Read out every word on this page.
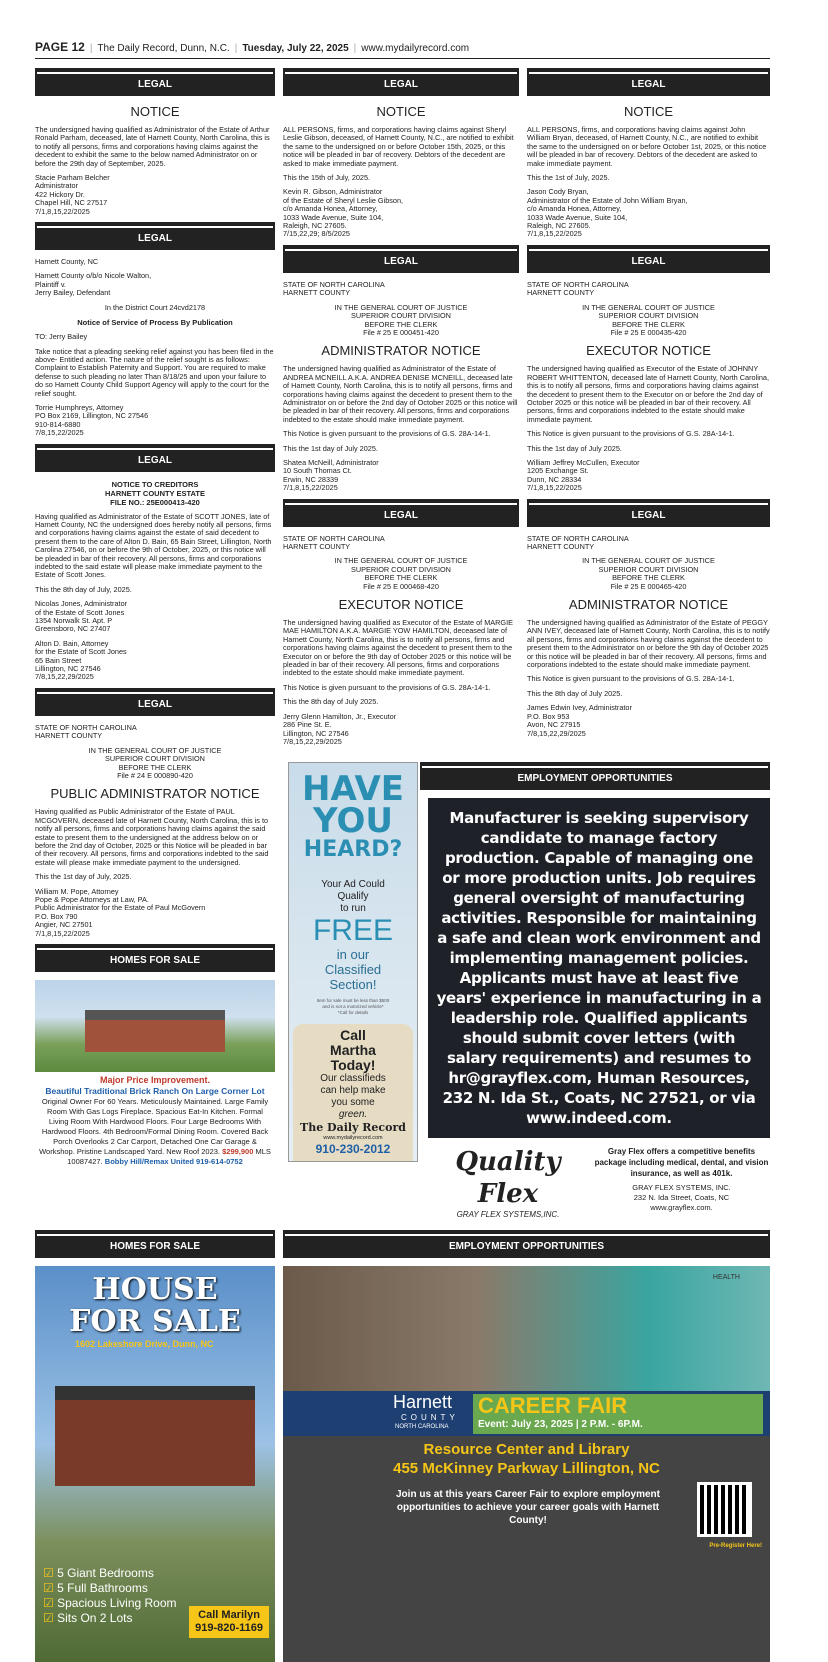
PAGE 12 | The Daily Record, Dunn, N.C. | Tuesday, July 22, 2025 | www.mydailyrecord.com
LEGAL
NOTICE

The undersigned having qualified as Administrator of the Estate of Arthur Ronald Parham, deceased, late of Harnett County, North Carolina, this is to notify all persons, firms and corporations having claims against the decedent to exhibit the same to the below named Administrator on or before the 29th day of September, 2025.

Stacie Parham Belcher
Administrator
422 Hickory Dr.
Chapel Hill, NC 27517
7/1,8,15,22/2025

LEGAL

Harnett County, NC

Harnett County o/b/o Nicole Walton,
Plaintiff v.
Jerry Bailey, Defendant

In the District Court 24cvd2178

Notice of Service of Process By Publication

TO: Jerry Bailey

Take notice that a pleading seeking relief against you has been filed in the above- Entitled action. The nature of the relief sought is as follows: Complaint to Establish Paternity and Support. You are required to make defense to such pleading no later Than 8/18/25 and upon your failure to do so Harnett County Child Support Agency will apply to the court for the relief sought.

Torrie Humphreys, Attorney
PO Box 2169, Lillington, NC 27546
910-814-6880
7/8,15,22/2025

LEGAL
NOTICE TO CREDITORS
HARNETT COUNTY ESTATE
FILE NO.: 25E000413-420

Having qualified as Administrator of the Estate of SCOTT JONES, late of Harnett County, NC the undersigned does hereby notify all persons, firms and corporations having claims against the estate of said decedent to present them to the care of Alton D. Bain, 65 Bain Street, Lillington, North Carolina 27546, on or before the 9th of October, 2025, or this notice will be pleaded in bar of their recovery. All persons, firms and corporations indebted to the said estate will please make immediate payment to the Estate of Scott Jones.

This the 8th day of July, 2025.

Nicolas Jones, Administrator
of the Estate of Scott Jones
1354 Norwalk St. Apt. P
Greensboro, NC 27407

Alton D. Bain, Attorney
for the Estate of Scott Jones
65 Bain Street
Lillington, NC 27546
7/8,15,22,29/2025

LEGAL

STATE OF NORTH CAROLINA
HARNETT COUNTY

IN THE GENERAL COURT OF JUSTICE
SUPERIOR COURT DIVISION
BEFORE THE CLERK
File # 24 E 000890-420

PUBLIC ADMINISTRATOR NOTICE

Having qualified as Public Administrator of the Estate of PAUL MCGOVERN, deceased late of Harnett County, North Carolina, this is to notify all persons, firms and corporations having claims against the said estate to present them to the undersigned at the address below on or before the 2nd day of October, 2025 or this Notice will be pleaded in bar of their recovery. All persons, firms and corporations indebted to the said estate will please make immediate payment to the undersigned.

This the 1st day of July, 2025.

William M. Pope, Attorney
Pope & Pope Attorneys at Law, PA.
Public Administrator for the Estate of Paul McGovern
P.O. Box 790
Angier, NC 27501
7/1,8,15,22/2025

HOMES FOR SALE
Major Price Improvement.
Beautiful Traditional Brick Ranch On Large Corner Lot
Original Owner For 60 Years. Meticulously Maintained. Large Family Room With Gas Logs Fireplace. Spacious Eat-In Kitchen. Formal Living Room With Hardwood Floors. Four Large Bedrooms With Hardwood Floors. 4th Bedroom/Formal Dining Room. Covered Back Porch Overlooks 2 Car Carport, Detached One Car Garage & Workshop. Pristine Landscaped Yard. New Roof 2023. $299,900 MLS 10087427. Bobby Hill/Remax United 919-614-0752
LEGAL
NOTICE

ALL PERSONS, firms, and corporations having claims against Sheryl Leslie Gibson, deceased, of Harnett County, N.C., are notified to exhibit the same to the undersigned on or before October 15th, 2025, or this notice will be pleaded in bar of recovery. Debtors of the decedent are asked to make immediate payment.

This the 15th of July, 2025.

Kevin R. Gibson, Administrator
of the Estate of Sheryl Leslie Gibson,
c/o Amanda Honea, Attorney,
1033 Wade Avenue, Suite 104,
Raleigh, NC 27605.
7/15,22,29; 8/5/2025

LEGAL

STATE OF NORTH CAROLINA
HARNETT COUNTY

IN THE GENERAL COURT OF JUSTICE
SUPERIOR COURT DIVISION
BEFORE THE CLERK
File # 25 E 000451-420

ADMINISTRATOR NOTICE

The undersigned having qualified as Administrator of the Estate of ANDREA MCNEILL A.K.A. ANDREA DENISE MCNEILL, deceased late of Harnett County, North Carolina, this is to notify all persons, firms and corporations having claims against the decedent to present them to the Administrator on or before the 2nd day of October 2025 or this notice will be pleaded in bar of their recovery. All persons, firms and corporations indebted to the estate should make immediate payment.

This Notice is given pursuant to the provisions of G.S. 28A-14-1.

This the 1st day of July 2025.

Shatea McNeill, Administrator
10 South Thomas Ct.
Erwin, NC 28339
7/1,8,15,22/2025

LEGAL

STATE OF NORTH CAROLINA
HARNETT COUNTY

IN THE GENERAL COURT OF JUSTICE
SUPERIOR COURT DIVISION
BEFORE THE CLERK
File # 25 E 000468-420

EXECUTOR NOTICE

The undersigned having qualified as Executor of the Estate of MARGIE MAE HAMILTON A.K.A. MARGIE YOW HAMILTON, deceased late of Harnett County, North Carolina, this is to notify all persons, firms and corporations having claims against the decedent to present them to the Executor on or before the 9th day of October 2025 or this notice will be pleaded in bar of their recovery. All persons, firms and corporations indebted to the estate should make immediate payment.

This Notice is given pursuant to the provisions of G.S. 28A-14-1.

This the 8th day of July 2025.

Jerry Glenn Hamilton, Jr., Executor
286 Pine St. E.
Lillington, NC 27546
7/8,15,22,29/2025

LEGAL
NOTICE

ALL PERSONS, firms, and corporations having claims against John William Bryan, deceased, of Harnett County, N.C., are notified to exhibit the same to the undersigned on or before October 1st, 2025, or this notice will be pleaded in bar of recovery. Debtors of the decedent are asked to make immediate payment.

This the 1st of July, 2025.

Jason Cody Bryan,
Administrator of the Estate of John William Bryan,
c/o Amanda Honea, Attorney,
1033 Wade Avenue, Suite 104,
Raleigh, NC 27605.
7/1,8,15,22/2025

LEGAL

STATE OF NORTH CAROLINA
HARNETT COUNTY

IN THE GENERAL COURT OF JUSTICE
SUPERIOR COURT DIVISION
BEFORE THE CLERK
File # 25 E 000435-420

EXECUTOR NOTICE

The undersigned having qualified as Executor of the Estate of JOHNNY ROBERT WHITTENTON, deceased late of Harnett County, North Carolina, this is to notify all persons, firms and corporations having claims against the decedent to present them to the Executor on or before the 2nd day of October 2025 or this notice will be pleaded in bar of their recovery. All persons, firms and corporations indebted to the estate should make immediate payment.

This Notice is given pursuant to the provisions of G.S. 28A-14-1.

This the 1st day of July 2025.

William Jeffrey McCullen, Executor
1205 Exchange St.
Dunn, NC 28334
7/1,8,15,22/2025

LEGAL

STATE OF NORTH CAROLINA
HARNETT COUNTY

IN THE GENERAL COURT OF JUSTICE
SUPERIOR COURT DIVISION
BEFORE THE CLERK
File # 25 E 000465-420

ADMINISTRATOR NOTICE

The undersigned having qualified as Administrator of the Estate of PEGGY ANN IVEY, deceased late of Harnett County, North Carolina, this is to notify all persons, firms and corporations having claims against the decedent to present them to the Administrator on or before the 9th day of October 2025 or this notice will be pleaded in bar of their recovery. All persons, firms and corporations indebted to the estate should make immediate payment.

This Notice is given pursuant to the provisions of G.S. 28A-14-1.

This the 8th day of July 2025.

James Edwin Ivey, Administrator
P.O. Box 953
Avon, NC 27915
7/8,15,22,29/2025

HAVE
YOU
HEARD?
Your Ad Could
Qualify
to run
FREE
in our
Classified
Section!
Item for sale must be less than $500
and is not a motorized vehicle*
*Call for details
Call
Martha
Today!
Our classifieds
can help make
you some
green.
The Daily Record
www.mydailyrecord.com
910-230-2012
EMPLOYMENT OPPORTUNITIES
Manufacturer is seeking supervisory candidate to manage factory production. Capable of managing one or more production units. Job requires general oversight of manufacturing activities. Responsible for maintaining a safe and clean work environment and implementing management policies. Applicants must have at least five years' experience in manufacturing in a leadership role. Qualified applicants should submit cover letters (with salary requirements) and resumes to hr@grayflex.com, Human Resources, 232 N. Ida St., Coats, NC 27521, or via www.indeed.com.
Quality Flex
GRAY FLEX SYSTEMS,INC.
Gray Flex offers a competitive benefits package including medical, dental, and vision insurance, as well as 401k.
GRAY FLEX SYSTEMS, INC.
232 N. Ida Street, Coats, NC
www.grayflex.com.
HOMES FOR SALE
HOUSE
FOR SALE
1602 Lakeshore Drive, Dunn, NC
☑ 5 Giant Bedrooms
☑ 5 Full Bathrooms
☑ Spacious Living Room
☑ Sits On 2 Lots	Call Marilyn
919-820-1169
EMPLOYMENT OPPORTUNITIES
HEALTH
Harnett
COUNTY
NORTH CAROLINA
CAREER FAIR
Event: July 23, 2025 | 2 P.M. - 6P.M.
Resource Center and Library
455 McKinney Parkway Lillington, NC
Join us at this years Career Fair to explore employment opportunities to achieve your career goals with Harnett County!
Pre-Register Here!
